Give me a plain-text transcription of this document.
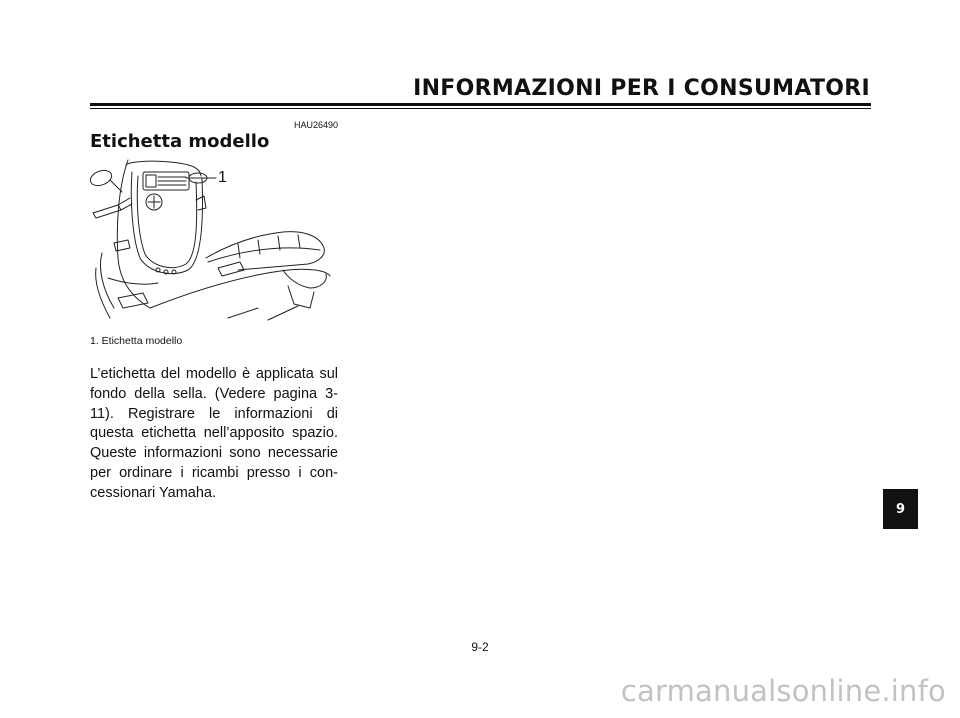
INFORMAZIONI PER I CONSUMATORI
HAU26490
Etichetta modello
1
1. Etichetta modello
L’etichetta del modello è applicata sul fondo della sella. (Vedere pagina 3-11). Registrare le informazioni di questa etichetta nell’apposito spazio. Queste informazioni sono necessarie per ordinare i ricambi presso i con-cessionari Yamaha.
9
9-2
carmanualsonline.info
